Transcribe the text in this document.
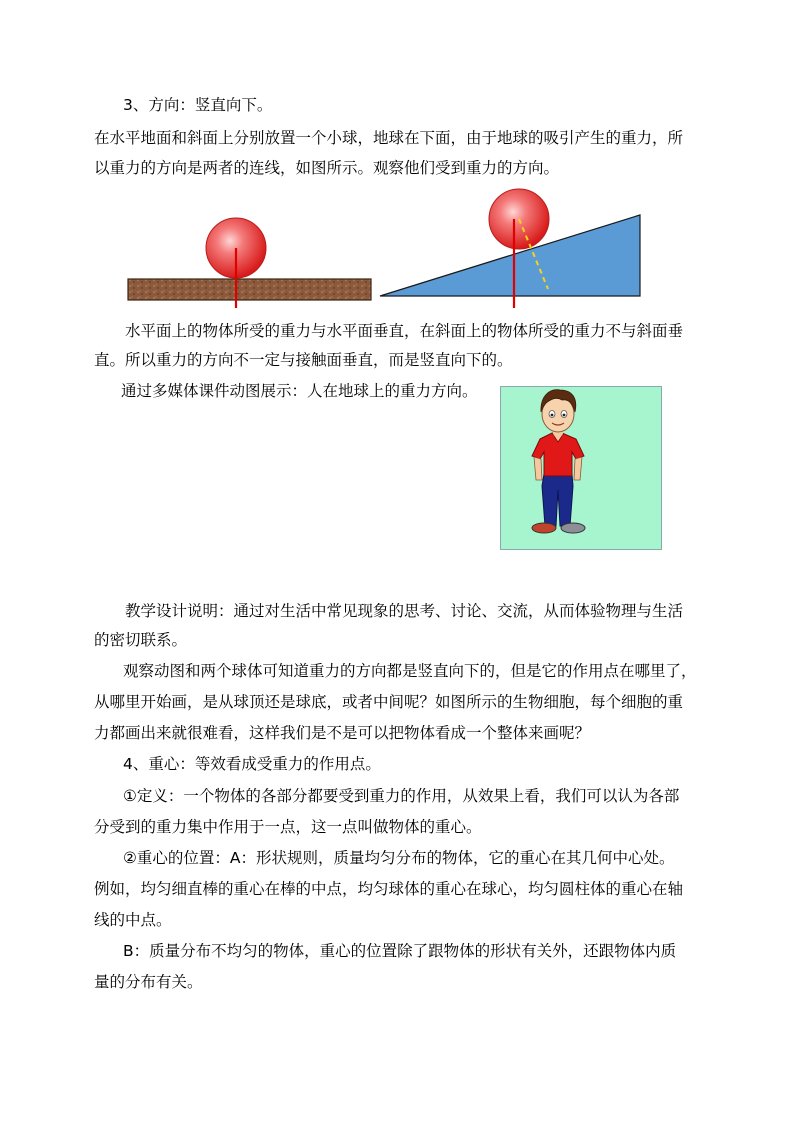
3、方向：竖直向下。
在水平地面和斜面上分别放置一个小球，地球在下面，由于地球的吸引产生的重力，所
以重力的方向是两者的连线，如图所示。观察他们受到重力的方向。
水平面上的物体所受的重力与水平面垂直，在斜面上的物体所受的重力不与斜面垂
直。所以重力的方向不一定与接触面垂直，而是竖直向下的。
通过多媒体课件动图展示：人在地球上的重力方向。
教学设计说明：通过对生活中常见现象的思考、讨论、交流，从而体验物理与生活
的密切联系。
观察动图和两个球体可知道重力的方向都是竖直向下的，但是它的作用点在哪里了，
从哪里开始画，是从球顶还是球底，或者中间呢？如图所示的生物细胞，每个细胞的重
力都画出来就很难看，这样我们是不是可以把物体看成一个整体来画呢？
4、重心：等效看成受重力的作用点。
①定义：一个物体的各部分都要受到重力的作用，从效果上看，我们可以认为各部
分受到的重力集中作用于一点，这一点叫做物体的重心。
②重心的位置：A：形状规则，质量均匀分布的物体，它的重心在其几何中心处。
例如，均匀细直棒的重心在棒的中点，均匀球体的重心在球心，均匀圆柱体的重心在轴
线的中点。
B：质量分布不均匀的物体，重心的位置除了跟物体的形状有关外，还跟物体内质
量的分布有关。
